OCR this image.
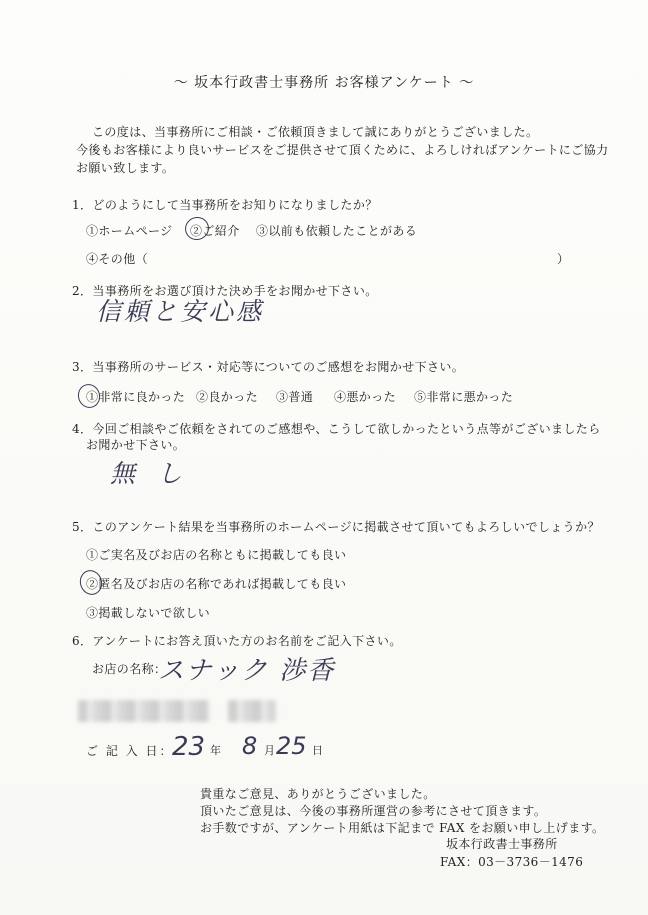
〜 坂本行政書士事務所 お客様アンケート 〜
この度は、当事務所にご相談・ご依頼頂きまして誠にありがとうございました。
今後もお客様により良いサービスをご提供させて頂くために、よろしければアンケートにご協力
お願い致します。
1．どのようにして当事務所をお知りになりましたか？
①ホームページ ②ご紹介 ③以前も依頼したことがある
④その他（	）
2．当事務所をお選び頂けた決め手をお聞かせ下さい。
信頼と安心感
3．当事務所のサービス・対応等についてのご感想をお聞かせ下さい。
①非常に良かった ②良かった ③普通 ④悪かった ⑤非常に悪かった
4．今回ご相談やご依頼をされてのご感想や、こうして欲しかったという点等がございましたら
お聞かせ下さい。
無し
5．このアンケート結果を当事務所のホームページに掲載させて頂いてもよろしいでしょうか？
①ご実名及びお店の名称ともに掲載しても良い
②匿名及びお店の名称であれば掲載しても良い
③掲載しないで欲しい
6．アンケートにお答え頂いた方のお名前をご記入下さい。
お店の名称：
スナック 渉香
ご 記 入 日：
23 年 8 月 25 日
貴重なご意見、ありがとうございました。
頂いたご意見は、今後の事務所運営の参考にさせて頂きます。
お手数ですが、アンケート用紙は下記まで FAX をお願い申し上げます。
坂本行政書士事務所
FAX：03－3736－1476
